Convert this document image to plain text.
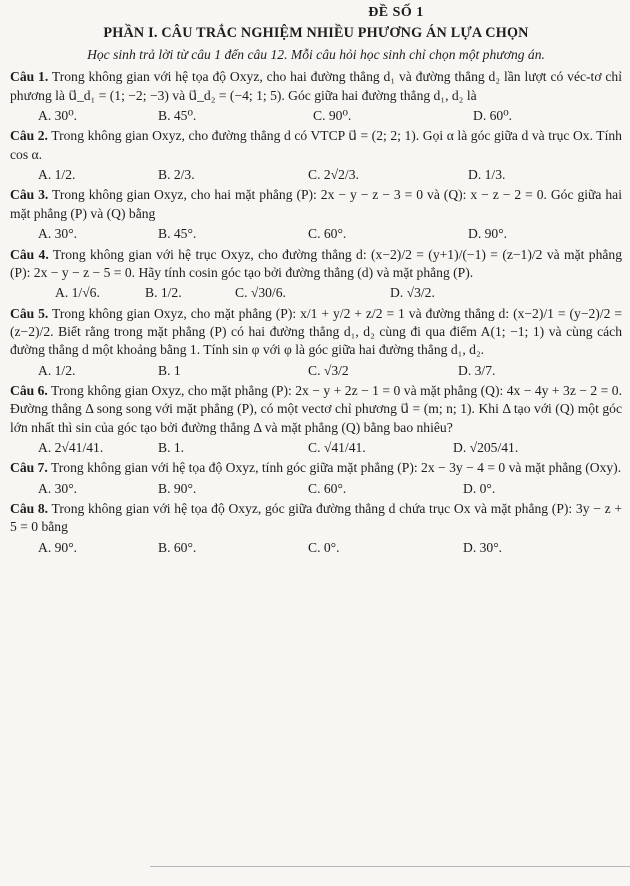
ĐỀ SỐ 1
PHẦN I. CÂU TRẮC NGHIỆM NHIỀU PHƯƠNG ÁN LỰA CHỌN
Học sinh trả lời từ câu 1 đến câu 12. Mỗi câu hỏi học sinh chỉ chọn một phương án.
Câu 1. Trong không gian với hệ tọa độ Oxyz, cho hai đường thẳng d₁ và đường thẳng d₂ lần lượt có véc-tơ chỉ phương là u⃗_d₁ = (1; −2; −3) và u⃗_d₂ = (−4; 1; 5). Góc giữa hai đường thẳng d₁, d₂ là
A. 30⁰.	B. 45⁰.	C. 90⁰.	D. 60⁰.
Câu 2. Trong không gian Oxyz, cho đường thẳng d có VTCP u⃗ = (2; 2; 1). Gọi α là góc giữa d và trục Ox. Tính cos α.
A. 1/2.	B. 2/3.	C. 2√2/3.	D. 1/3.
Câu 3. Trong không gian Oxyz, cho hai mặt phẳng (P): 2x − y − z − 3 = 0 và (Q): x − z − 2 = 0. Góc giữa hai mặt phẳng (P) và (Q) bằng
A. 30°.	B. 45°.	C. 60°.	D. 90°.
Câu 4. Trong không gian với hệ trục Oxyz, cho đường thẳng d: (x−2)/2 = (y+1)/(−1) = (z−1)/2 và mặt phẳng (P): 2x − y − z − 5 = 0. Hãy tính cosin góc tạo bởi đường thẳng (d) và mặt phẳng (P).
A. 1/√6.	B. 1/2.	C. √30/6.	D. √3/2.
Câu 5. Trong không gian Oxyz, cho mặt phẳng (P): x/1 + y/2 + z/2 = 1 và đường thẳng d: (x−2)/1 = (y−2)/2 = (z−2)/2. Biết rằng trong mặt phẳng (P) có hai đường thẳng d₁, d₂ cùng đi qua điểm A(1; −1; 1) và cùng cách đường thẳng d một khoảng bằng 1. Tính sin φ với φ là góc giữa hai đường thẳng d₁, d₂.
A. 1/2.	B. 1	C. √3/2	D. 3/7.
Câu 6. Trong không gian Oxyz, cho mặt phẳng (P): 2x − y + 2z − 1 = 0 và mặt phẳng (Q): 4x − 4y + 3z − 2 = 0. Đường thẳng Δ song song với mặt phẳng (P), có một vectơ chỉ phương u⃗ = (m; n; 1). Khi Δ tạo với (Q) một góc lớn nhất thì sin của góc tạo bởi đường thẳng Δ và mặt phẳng (Q) bằng bao nhiêu?
A. 2√41/41.	B. 1.	C. √41/41.	D. √205/41.
Câu 7. Trong không gian với hệ tọa độ Oxyz, tính góc giữa mặt phẳng (P): 2x − 3y − 4 = 0 và mặt phẳng (Oxy).
A. 30°.	B. 90°.	C. 60°.	D. 0°.
Câu 8. Trong không gian với hệ tọa độ Oxyz, góc giữa đường thẳng d chứa trục Ox và mặt phẳng (P): 3y − z + 5 = 0 bằng
A. 90°.	B. 60°.	C. 0°.	D. 30°.
